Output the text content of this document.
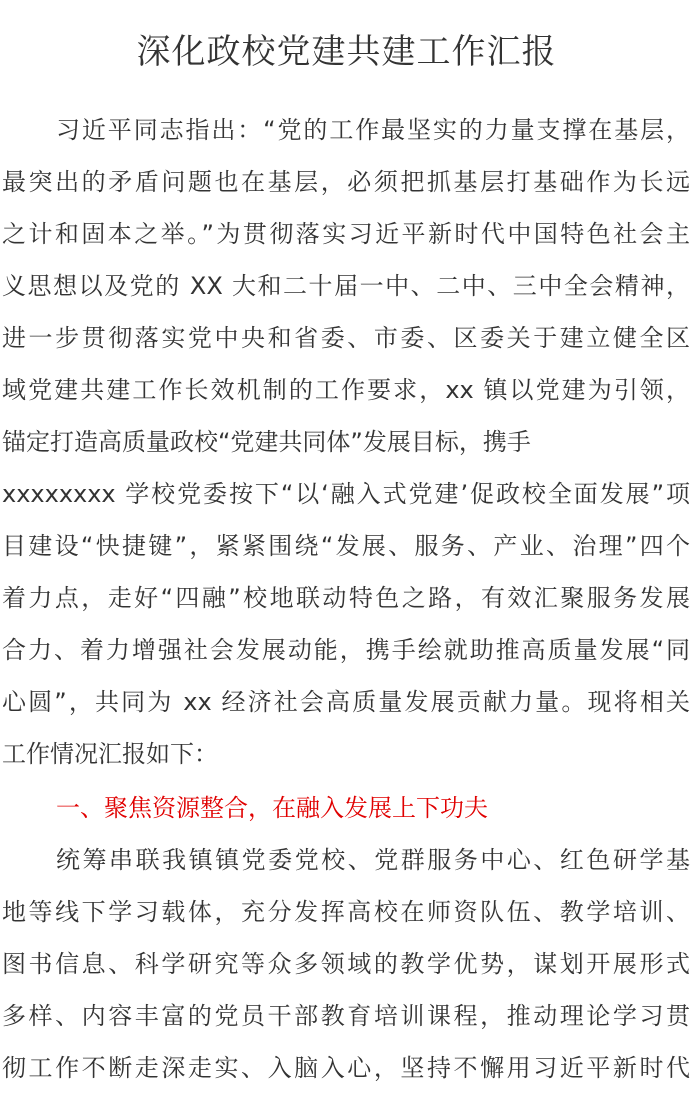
深化政校党建共建工作汇报
习近平同志指出：“党的工作最坚实的力量支撑在基层，
最突出的矛盾问题也在基层，必须把抓基层打基础作为长远
之计和固本之举。”为贯彻落实习近平新时代中国特色社会主
义思想以及党的 XX 大和二十届一中、二中、三中全会精神，
进一步贯彻落实党中央和省委、市委、区委关于建立健全区
域党建共建工作长效机制的工作要求，xx 镇以党建为引领，
锚定打造高质量政校“党建共同体”发展目标，携手
xxxxxxxx 学校党委按下“以‘融入式党建’促政校全面发展”项
目建设“快捷键”，紧紧围绕“发展、服务、产业、治理”四个
着力点，走好“四融”校地联动特色之路，有效汇聚服务发展
合力、着力增强社会发展动能，携手绘就助推高质量发展“同
心圆”，共同为 xx 经济社会高质量发展贡献力量。现将相关
工作情况汇报如下：
一、聚焦资源整合，在融入发展上下功夫
统筹串联我镇镇党委党校、党群服务中心、红色研学基
地等线下学习载体，充分发挥高校在师资队伍、教学培训、
图书信息、科学研究等众多领域的教学优势，谋划开展形式
多样、内容丰富的党员干部教育培训课程，推动理论学习贯
彻工作不断走深走实、入脑入心，坚持不懈用习近平新时代
